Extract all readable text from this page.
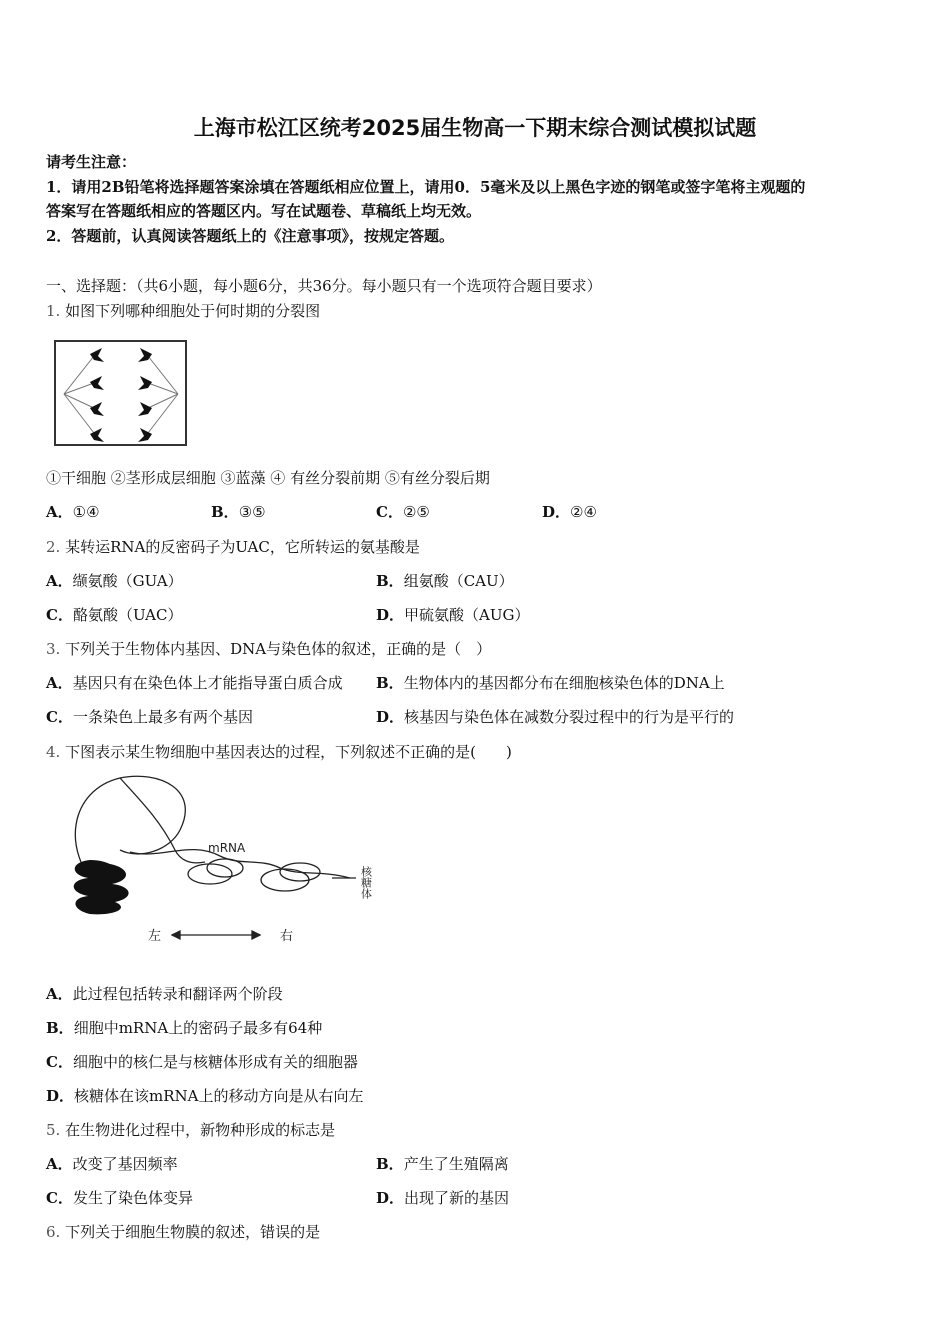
上海市松江区统考2025届生物高一下期末综合测试模拟试题
请考生注意：
1．请用2B铅笔将选择题答案涂填在答题纸相应位置上，请用0．5毫米及以上黑色字迹的钢笔或签字笔将主观题的
答案写在答题纸相应的答题区内。写在试题卷、草稿纸上均无效。
2．答题前，认真阅读答题纸上的《注意事项》，按规定答题。
一、选择题：（共6小题，每小题6分，共36分。每小题只有一个选项符合题目要求）
1. 如图下列哪种细胞处于何时期的分裂图
①干细胞 ②茎形成层细胞 ③蓝藻 ④ 有丝分裂前期 ⑤有丝分裂后期
A．①④	B．③⑤	C．②⑤	D．②④
2. 某转运RNA的反密码子为UAC，它所转运的氨基酸是
A．缬氨酸（GUA）	B．组氨酸（CAU）
C．酪氨酸（UAC）	D．甲硫氨酸（AUG）
3. 下列关于生物体内基因、DNA与染色体的叙述，正确的是（　）
A．基因只有在染色体上才能指导蛋白质合成 B．生物体内的基因都分布在细胞核染色体的DNA上
C．一条染色上最多有两个基因	D．核基因与染色体在减数分裂过程中的行为是平行的
4. 下图表示某生物细胞中基因表达的过程，下列叙述不正确的是(　　)
mRNA
核糖体
左	右
A．此过程包括转录和翻译两个阶段
B．细胞中mRNA上的密码子最多有64种
C．细胞中的核仁是与核糖体形成有关的细胞器
D．核糖体在该mRNA上的移动方向是从右向左
5. 在生物进化过程中，新物种形成的标志是
A．改变了基因频率	B．产生了生殖隔离
C．发生了染色体变异	D．出现了新的基因
6. 下列关于细胞生物膜的叙述，错误的是
